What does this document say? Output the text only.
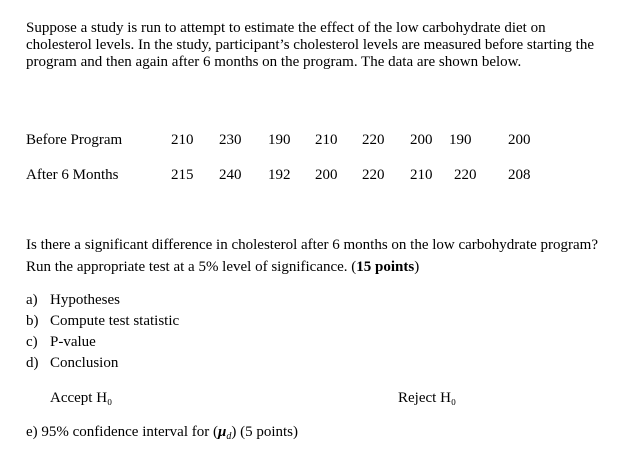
Suppose a study is run to attempt to estimate the effect of the low carbohydrate diet on cholesterol levels. In the study, participant’s cholesterol levels are measured before starting the program and then again after 6 months on the program. The data are shown below.

Before Program	210 230 190 210 220 200 190 200
After 6 Months	215 240 192 200 220 210 220 208

Is there a significant difference in cholesterol after 6 months on the low carbohydrate program? Run the appropriate test at a 5% level of significance. (15 points)

a) Hypotheses
b) Compute test statistic
c) P-value
d) Conclusion
Accept H₀	Reject H₀
e) 95% confidence interval for $(\mu_d)$ (5 points)
